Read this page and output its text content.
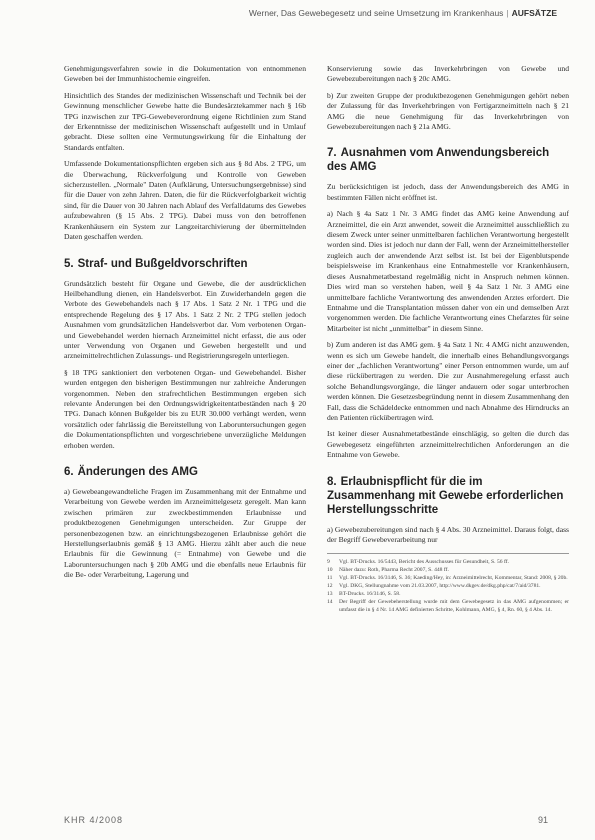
Werner, Das Gewebegesetz und seine Umsetzung im Krankenhaus | AUFSÄTZE

Genehmigungsverfahren sowie in die Dokumentation von entnommenen Geweben bei der Immunhistochemie eingreifen.

Hinsichtlich des Standes der medizinischen Wissenschaft und Technik bei der Gewinnung menschlicher Gewebe hatte die Bundesärztekammer nach § 16b TPG inzwischen zur TPG-Gewebeverordnung eigene Richtlinien zum Stand der Erkenntnisse der medizinischen Wissenschaft aufgestellt und in Umlauf gebracht. Diese sollten eine Vermutungswirkung für die Einhaltung der Standards entfalten.

Umfassende Dokumentationspflichten ergeben sich aus § 8d Abs. 2 TPG, um die Überwachung, Rückverfolgung und Kontrolle von Geweben sicherzustellen. „Normale" Daten (Aufklärung, Untersuchungsergebnisse) sind für die Dauer von zehn Jahren. Daten, die für die Rückverfolgbarkeit wichtig sind, für die Dauer von 30 Jahren nach Ablauf des Verfalldatums des Gewebes aufzubewahren (§ 15 Abs. 2 TPG). Dabei muss von den betroffenen Krankenhäusern ein System zur Langzeitarchivierung der übermittelnden Daten geschaffen werden.

5. Straf- und Bußgeldvorschriften

Grundsätzlich besteht für Organe und Gewebe, die der ausdrücklichen Heilbehandlung dienen, ein Handelsverbot. Ein Zuwiderhandeln gegen die Verbote des Gewebehandels nach § 17 Abs. 1 Satz 2 Nr. 1 TPG und die entsprechende Regelung des § 17 Abs. 1 Satz 2 Nr. 2 TPG stellen jedoch Ausnahmen vom grundsätzlichen Handelsverbot dar. Vom verbotenen Organ- und Gewebehandel werden hiernach Arzneimittel nicht erfasst, die aus oder unter Verwendung von Organen und Geweben hergestellt und und arzneimittelrechtlichen Zulassungs- und Registrierungsregeln unterliegen.

§ 18 TPG sanktioniert den verbotenen Organ- und Gewebehandel. Bisher wurden entgegen den bisherigen Bestimmungen nur zahlreiche Änderungen vorgenommen. Neben den strafrechtlichen Bestimmungen ergeben sich relevante Änderungen bei den Ordnungswidrigkeitentatbeständen nach § 20 TPG. Danach können Bußgelder bis zu EUR 30.000 verhängt werden, wenn vorsätzlich oder fahrlässig die Bereitstellung von Laboruntersuchungen gegen die Dokumentationspflichten und vorgeschriebene unverzügliche Meldungen erhoben werden.

6. Änderungen des AMG

a) Gewebeangewandteliche Fragen im Zusammenhang mit der Entnahme und Verarbeitung von Gewebe werden im Arzneimittelgesetz geregelt. Man kann zwischen primären zur zweckbestimmenden Erlaubnisse und produktbezogenen Genehmigungen unterscheiden. Zur Gruppe der personenbezogenen bzw. an einrichtungsbezogenen Erlaubnisse gehört die Herstellungserlaubnis gemäß § 13 AMG. Hierzu zählt aber auch die neue Erlaubnis für die Gewinnung (= Entnahme) von Gewebe und die Laboruntersuchungen nach § 20b AMG und die ebenfalls neue Erlaubnis für die Be- oder Verarbeitung, Lagerung und

Konservierung sowie das Inverkehrbringen von Gewebe und Gewebezubereitungen nach § 20c AMG.

b) Zur zweiten Gruppe der produktbezogenen Genehmigungen gehört neben der Zulassung für das Inverkehrbringen von Fertigarzneimitteln nach § 21 AMG die neue Genehmigung für das Inverkehrbringen von Gewebezubereitungen nach § 21a AMG.

7. Ausnahmen vom Anwendungsbereich des AMG

Zu berücksichtigen ist jedoch, dass der Anwendungsbereich des AMG in bestimmten Fällen nicht eröffnet ist.

a) Nach § 4a Satz 1 Nr. 3 AMG findet das AMG keine Anwendung auf Arzneimittel, die ein Arzt anwendet, soweit die Arzneimittel ausschließlich zu diesem Zweck unter seiner unmittelbaren fachlichen Verantwortung hergestellt worden sind. Dies ist jedoch nur dann der Fall, wenn der Arzneimittelhersteller zugleich auch der anwendende Arzt selbst ist. Ist bei der Eigenblutspende beispielsweise im Krankenhaus eine Entnahmestelle vor Krankenhäusern, dieses Ausnahmetatbestand regelmäßig nicht in Anspruch nehmen können. Dies wird man so verstehen haben, weil § 4a Satz 1 Nr. 3 AMG eine unmittelbare fachliche Verantwortung des anwendenden Arztes erfordert. Die Entnahme und die Transplantation müssen daher von ein und demselben Arzt vorgenommen werden. Die fachliche Verantwortung eines Chefarztes für seine Mitarbeiter ist nicht „unmittelbar" in diesem Sinne.

b) Zum anderen ist das AMG gem. § 4a Satz 1 Nr. 4 AMG nicht anzuwenden, wenn es sich um Gewebe handelt, die innerhalb eines Behandlungsvorgangs einer der „fachlichen Verantwortung" einer Person entnommen wurde, um auf diese rückübertragen zu werden. Die zur Ausnahmeregelung erfasst auch solche Behandlungsvorgänge, die länger andauern oder sogar unterbrochen werden können. Die Gesetzesbegründung nennt in diesem Zusammenhang den Fall, dass die Schädeldecke entnommen und nach Abnahme des Hirndrucks an den Patienten rückübertragen wird.

Ist keiner dieser Ausnahmetatbestände einschlägig, so gelten die durch das Gewebegesetz eingeführten arzneimittelrechtlichen Anforderungen an die Entnahme von Gewebe.

8. Erlaubnispflicht für die im Zusammenhang mit Gewebe erforderlichen Herstellungsschritte

a) Gewebezubereitungen sind nach § 4 Abs. 30 Arzneimittel. Daraus folgt, dass der Begriff Gewebeverarbeitung nur

9	Vgl. BT-Drucks. 16/5443, Bericht des Ausschusses für Gesundheit, S. 56 ff.
10	Näher dazu: Roth, Pharma Recht 2007, S. 448 ff.
11	Vgl. BT-Drucks. 16/3146, S. 36; Kaeding/Hey, in: Arzneimittelrecht, Kommentar, Stand: 2008, § 20b.
12	Vgl. DKG, Stellungnahme vom 21.03.2007, http://www.dkgev.de/dkg.php/cat/7/aid/3781.
13	BT-Drucks. 16/3146, S. 58.
14	Der Begriff der Gewebeherstellung wurde mit dem Gewebegesetz in das AMG aufgenommen; er umfasst die in § 4 Nr. 14 AMG definierten Schritte, Kohlmann, AMG, § 4, Rn. 60, § 4 Abs. 14.
KHR 4/2008	91
